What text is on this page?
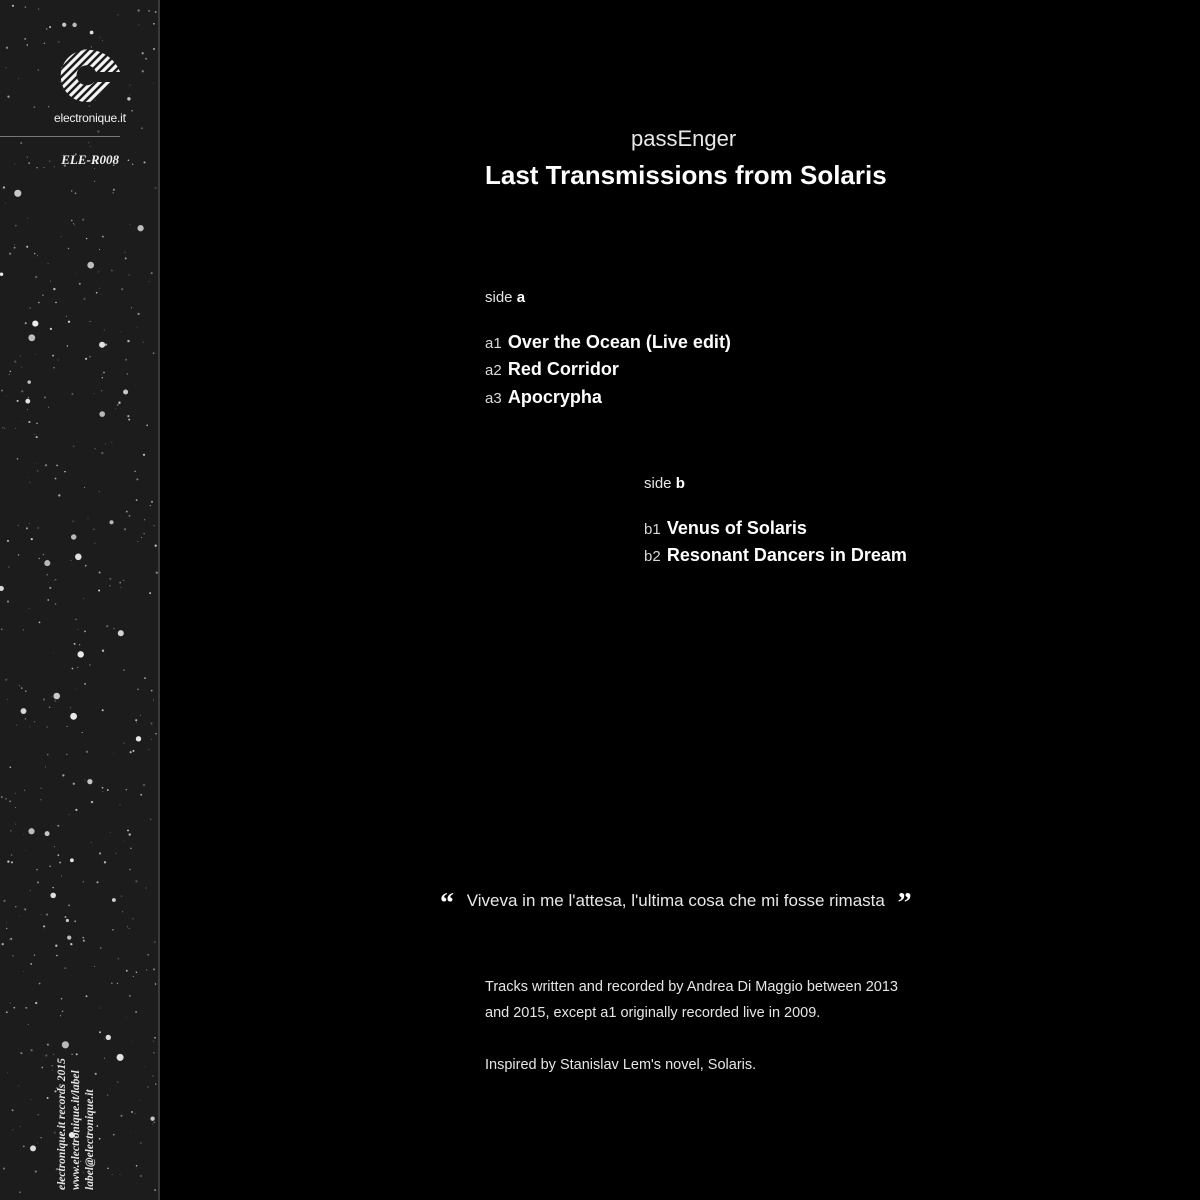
electronique.it
ELE-R008
electronique.it records 2015 www.electronique.it/label label@electronique.it
passEnger
Last Transmissions from Solaris
side a
a1 Over the Ocean (Live edit)
a2 Red Corridor
a3 Apocrypha
side b
b1 Venus of Solaris
b2 Resonant Dancers in Dream
“ Viveva in me l'attesa, l'ultima cosa che mi fosse rimasta ”

Tracks written and recorded by Andrea Di Maggio between 2013 and 2015, except a1 originally recorded live in 2009.

Inspired by Stanislav Lem's novel, Solaris.
